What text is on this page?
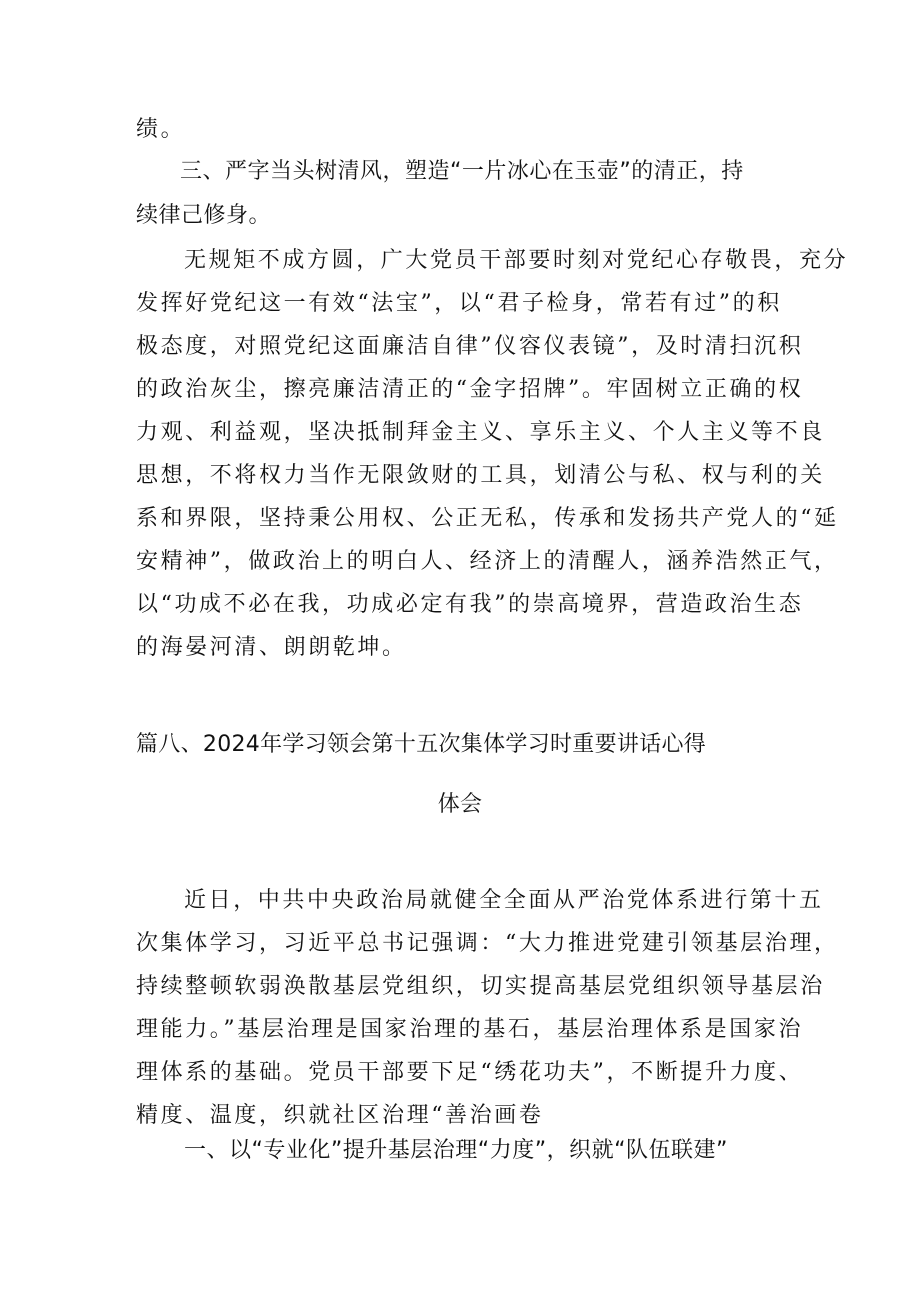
绩。

三、严字当头树清风，塑造“一片冰心在玉壶”的清正，持

续律己修身。

无规矩不成方圆，广大党员干部要时刻对党纪心存敬畏，充分

发挥好党纪这一有效“法宝”，以“君子检身，常若有过”的积

极态度，对照党纪这面廉洁自律”仪容仪表镜”，及时清扫沉积

的政治灰尘，擦亮廉洁清正的“金字招牌”。牢固树立正确的权

力观、利益观，坚决抵制拜金主义、享乐主义、个人主义等不良

思想，不将权力当作无限敛财的工具，划清公与私、权与利的关

系和界限，坚持秉公用权、公正无私，传承和发扬共产党人的“延

安精神”，做政治上的明白人、经济上的清醒人，涵养浩然正气，

以“功成不必在我，功成必定有我”的崇高境界，营造政治生态

的海晏河清、朗朗乾坤。

篇八、2024年学习领会第十五次集体学习时重要讲话心得

体会

近日，中共中央政治局就健全全面从严治党体系进行第十五

次集体学习，习近平总书记强调：“大力推进党建引领基层治理，

持续整顿软弱涣散基层党组织，切实提高基层党组织领导基层治

理能力。”基层治理是国家治理的基石，基层治理体系是国家治

理体系的基础。党员干部要下足“绣花功夫”，不断提升力度、

精度、温度，织就社区治理“善治画卷

一、以“专业化”提升基层治理“力度”，织就“队伍联建”
